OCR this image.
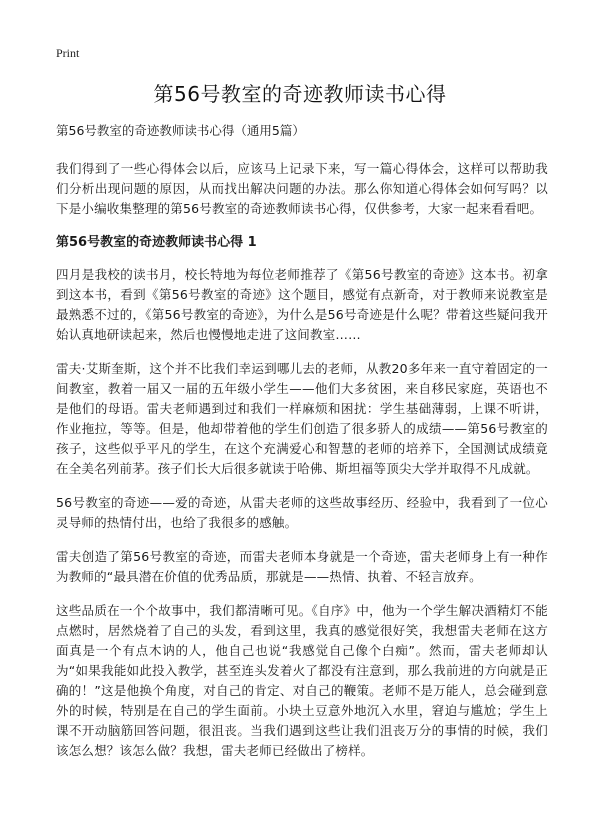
Print
第56号教室的奇迹教师读书心得
第56号教室的奇迹教师读书心得（通用5篇）

我们得到了一些心得体会以后，应该马上记录下来，写一篇心得体会，这样可以帮助我们分析出现问题的原因，从而找出解决问题的办法。那么你知道心得体会如何写吗？以下是小编收集整理的第56号教室的奇迹教师读书心得，仅供参考，大家一起来看看吧。

第56号教室的奇迹教师读书心得 1

四月是我校的读书月，校长特地为每位老师推荐了《第56号教室的奇迹》这本书。初拿到这本书，看到《第56号教室的奇迹》这个题目，感觉有点新奇，对于教师来说教室是最熟悉不过的，《第56号教室的奇迹》，为什么是56号奇迹是什么呢？带着这些疑问我开始认真地研读起来，然后也慢慢地走进了这间教室……

雷夫·艾斯奎斯，这个并不比我们幸运到哪儿去的老师，从教20多年来一直守着固定的一间教室，教着一届又一届的五年级小学生——他们大多贫困，来自移民家庭，英语也不是他们的母语。雷夫老师遇到过和我们一样麻烦和困扰：学生基础薄弱，上课不听讲，作业拖拉，等等。但是，他却带着他的学生们创造了很多骄人的成绩——第56号教室的孩子，这些似乎平凡的学生，在这个充满爱心和智慧的老师的培养下，全国测试成绩竟在全美名列前茅。孩子们长大后很多就读于哈佛、斯坦福等顶尖大学并取得不凡成就。

56号教室的奇迹——爱的奇迹，从雷夫老师的这些故事经历、经验中，我看到了一位心灵导师的热情付出，也给了我很多的感触。

雷夫创造了第56号教室的奇迹，而雷夫老师本身就是一个奇迹，雷夫老师身上有一种作为教师的“最具潜在价值的优秀品质，那就是——热情、执着、不轻言放弃。

这些品质在一个个故事中，我们都清晰可见。《自序》中，他为一个学生解决酒精灯不能点燃时，居然烧着了自己的头发，看到这里，我真的感觉很好笑，我想雷夫老师在这方面真是一个有点木讷的人，他自己也说“我感觉自己像个白痴”。然而，雷夫老师却认为“如果我能如此投入教学，甚至连头发着火了都没有注意到，那么我前进的方向就是正确的！”这是他换个角度，对自己的肯定、对自己的鞭策。老师不是万能人，总会碰到意外的时候，特别是在自己的学生面前。小块土豆意外地沉入水里，窘迫与尴尬；学生上课不开动脑筋回答问题，很沮丧。当我们遇到这些让我们沮丧万分的事情的时候，我们该怎么想？该怎么做？我想，雷夫老师已经做出了榜样。
